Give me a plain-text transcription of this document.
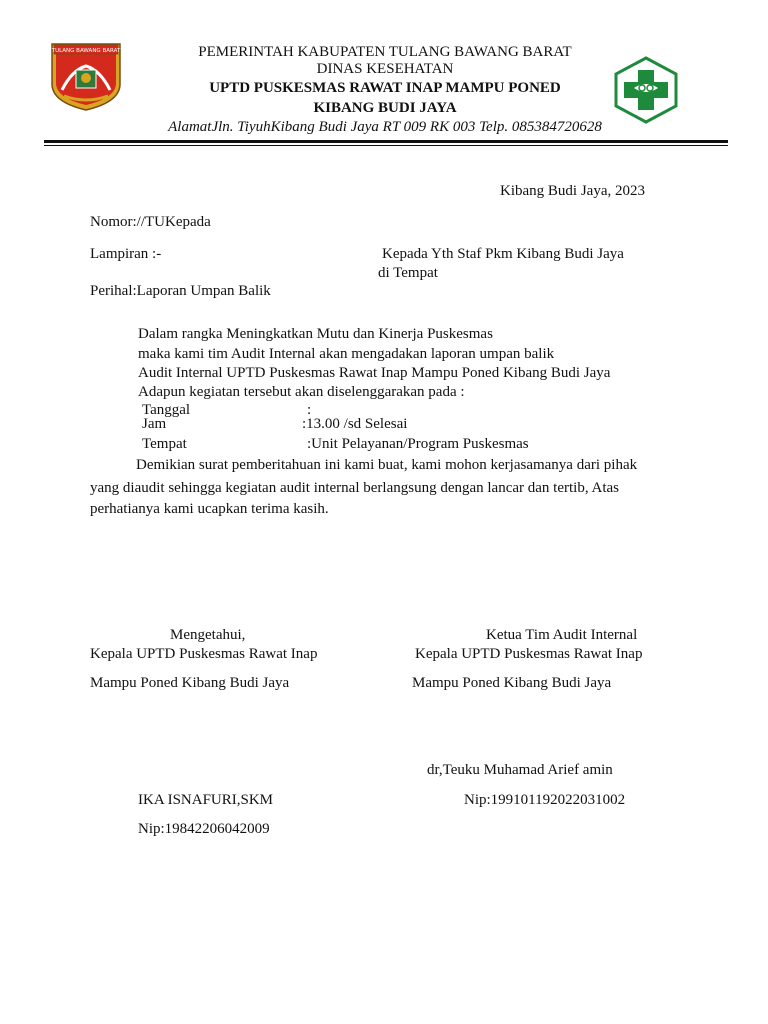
TULANG BAWANG BARAT	PEMERINTAH KABUPATEN TULANG BAWANG BARAT
DINAS KESEHATAN
UPTD PUSKESMAS RAWAT INAP MAMPU PONED
KIBANG BUDI JAYA
AlamatJln. TiyuhKibang Budi Jaya RT 009 RK 003 Telp. 085384720628
Kibang Budi Jaya, 2023
Nomor://TUKepada
Lampiran :-	Kepada Yth Staf Pkm Kibang Budi Jaya
di Tempat
Perihal:Laporan Umpan Balik
Dalam rangka Meningkatkan Mutu dan Kinerja Puskesmas
maka kami tim Audit Internal akan mengadakan laporan umpan balik
Audit Internal UPTD Puskesmas Rawat Inap Mampu Poned Kibang Budi Jaya
Adapun kegiatan tersebut akan diselenggarakan pada :
Tanggal	:
Jam	:13.00 /sd Selesai
Tempat	:Unit Pelayanan/Program Puskesmas
Demikian surat pemberitahuan ini kami buat, kami mohon kerjasamanya dari pihak
yang diaudit sehingga kegiatan audit internal berlangsung dengan lancar dan tertib, Atas
perhatianya kami ucapkan terima kasih.
Mengetahui,
Kepala UPTD Puskesmas Rawat Inap
Mampu Poned Kibang Budi Jaya
IKA ISNAFURI,SKM
Nip:19842206042009
Ketua Tim Audit Internal
Kepala UPTD Puskesmas Rawat Inap
Mampu Poned Kibang Budi Jaya
dr,Teuku Muhamad Arief amin
Nip:199101192022031002
